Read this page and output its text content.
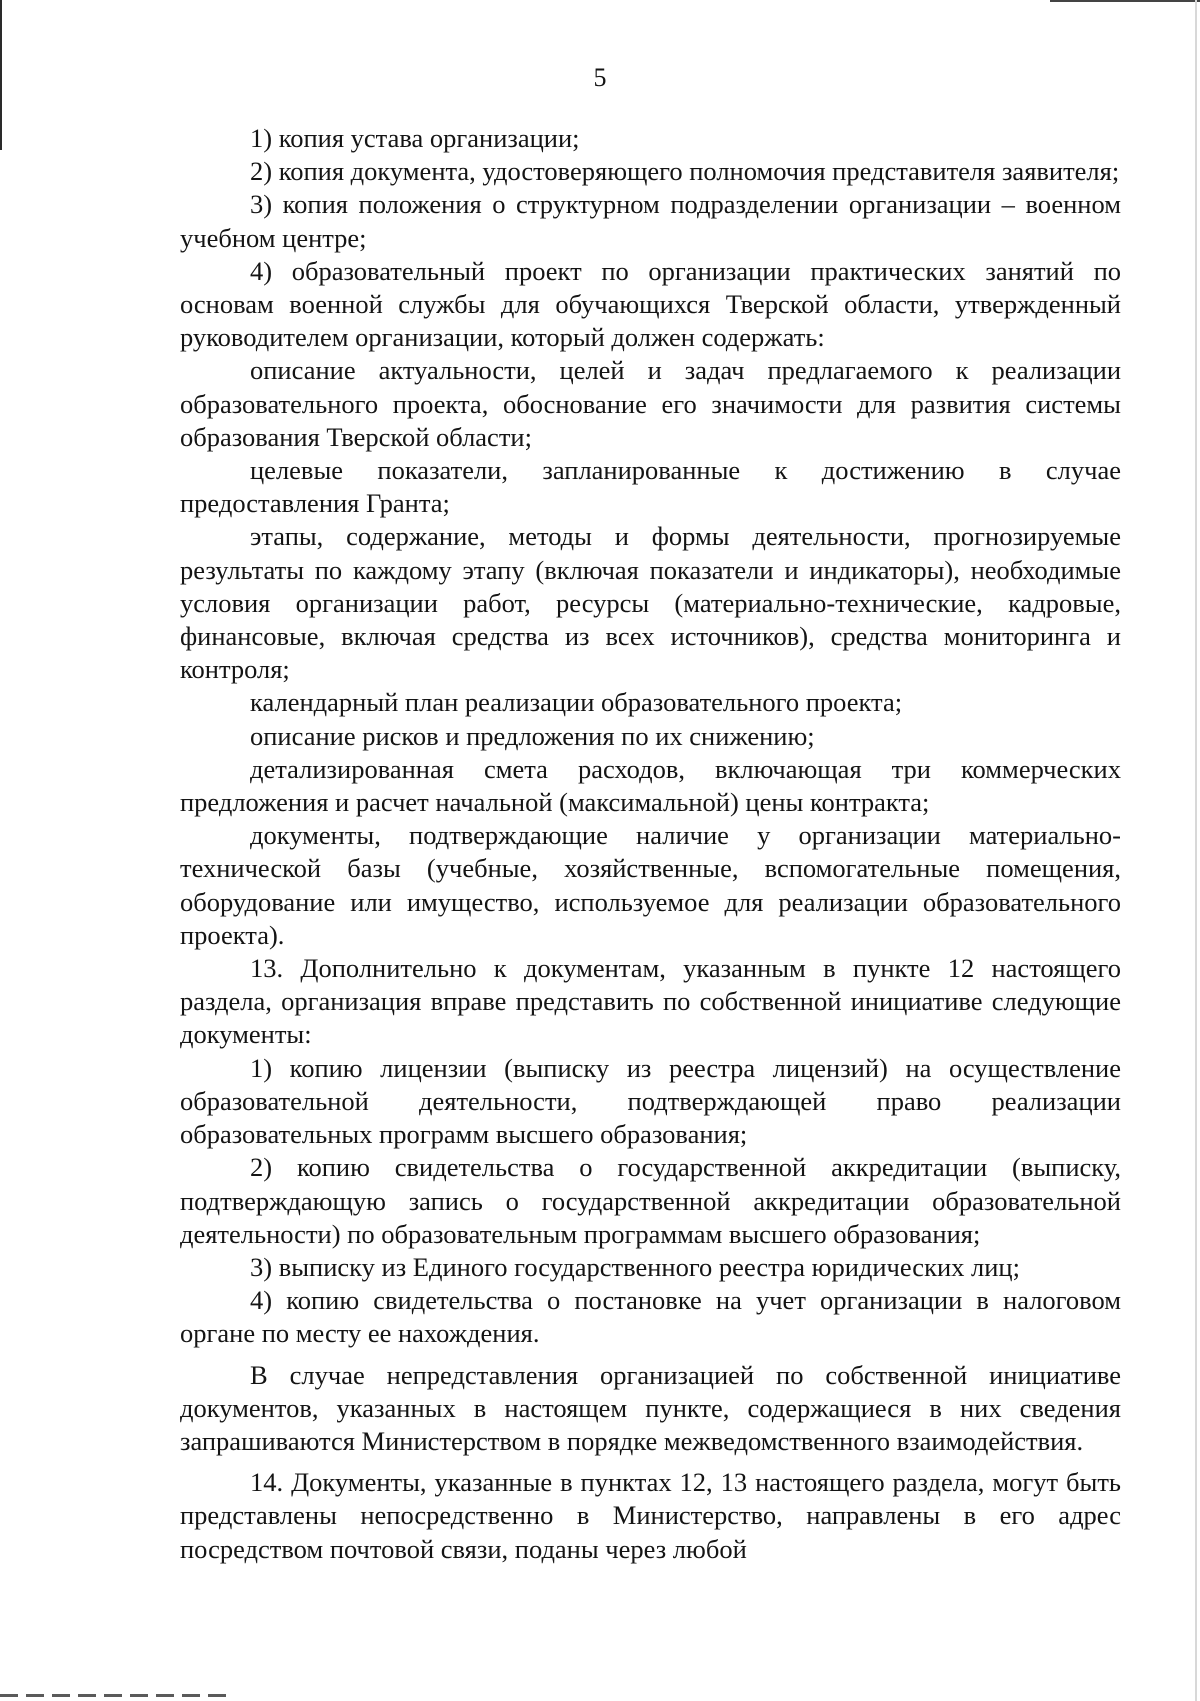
5

1) копия устава организации;

2) копия документа, удостоверяющего полномочия представителя заявителя;

3) копия положения о структурном подразделении организации – военном учебном центре;

4) образовательный проект по организации практических занятий по основам военной службы для обучающихся Тверской области, утвержденный руководителем организации, который должен содержать:

описание актуальности, целей и задач предлагаемого к реализации образовательного проекта, обоснование его значимости для развития системы образования Тверской области;

целевые показатели, запланированные к достижению в случае предоставления Гранта;

этапы, содержание, методы и формы деятельности, прогнозируемые результаты по каждому этапу (включая показатели и индикаторы), необходимые условия организации работ, ресурсы (материально-технические, кадровые, финансовые, включая средства из всех источников), средства мониторинга и контроля;

календарный план реализации образовательного проекта;

описание рисков и предложения по их снижению;

детализированная смета расходов, включающая три коммерческих предложения и расчет начальной (максимальной) цены контракта;

документы, подтверждающие наличие у организации материально-технической базы (учебные, хозяйственные, вспомогательные помещения, оборудование или имущество, используемое для реализации образовательного проекта).

13. Дополнительно к документам, указанным в пункте 12 настоящего раздела, организация вправе представить по собственной инициативе следующие документы:

1) копию лицензии (выписку из реестра лицензий) на осуществление образовательной деятельности, подтверждающей право реализации образовательных программ высшего образования;

2) копию свидетельства о государственной аккредитации (выписку, подтверждающую запись о государственной аккредитации образовательной деятельности) по образовательным программам высшего образования;

3) выписку из Единого государственного реестра юридических лиц;

4) копию свидетельства о постановке на учет организации в налоговом органе по месту ее нахождения.

В случае непредставления организацией по собственной инициативе документов, указанных в настоящем пункте, содержащиеся в них сведения запрашиваются Министерством в порядке межведомственного взаимодействия.

14. Документы, указанные в пунктах 12, 13 настоящего раздела, могут быть представлены непосредственно в Министерство, направлены в его адрес посредством почтовой связи, поданы через любой
